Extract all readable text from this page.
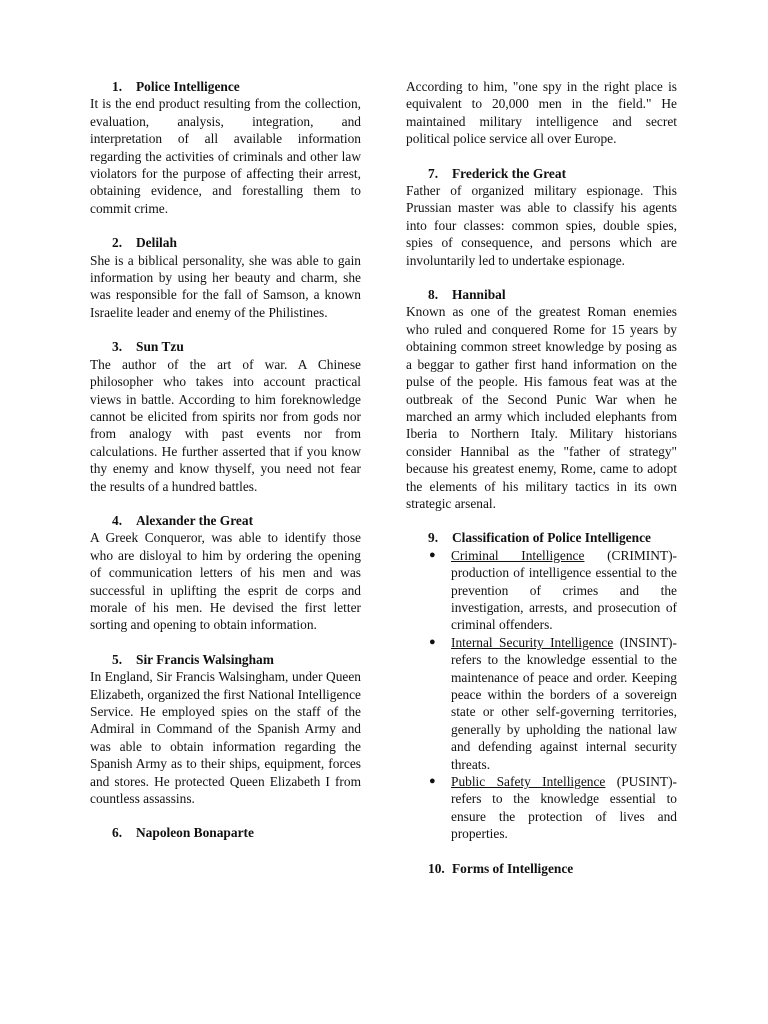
1. Police Intelligence

It is the end product resulting from the collection, evaluation, analysis, integration, and interpretation of all available information regarding the activities of criminals and other law violators for the purpose of affecting their arrest, obtaining evidence, and forestalling them to commit crime.

2. Delilah

She is a biblical personality, she was able to gain information by using her beauty and charm, she was responsible for the fall of Samson, a known Israelite leader and enemy of the Philistines.

3. Sun Tzu

The author of the art of war. A Chinese philosopher who takes into account practical views in battle. According to him foreknowledge cannot be elicited from spirits nor from gods nor from analogy with past events nor from calculations. He further asserted that if you know thy enemy and know thyself, you need not fear the results of a hundred battles.

4. Alexander the Great

A Greek Conqueror, was able to identify those who are disloyal to him by ordering the opening of communication letters of his men and was successful in uplifting the esprit de corps and morale of his men. He devised the first letter sorting and opening to obtain information.

5. Sir Francis Walsingham

In England, Sir Francis Walsingham, under Queen Elizabeth, organized the first National Intelligence Service. He employed spies on the staff of the Admiral in Command of the Spanish Army and was able to obtain information regarding the Spanish Army as to their ships, equipment, forces and stores. He protected Queen Elizabeth I from countless assassins.

6. Napoleon Bonaparte

According to him, "one spy in the right place is equivalent to 20,000 men in the field." He maintained military intelligence and secret political police service all over Europe.

7. Frederick the Great

Father of organized military espionage. This Prussian master was able to classify his agents into four classes: common spies, double spies, spies of consequence, and persons which are involuntarily led to undertake espionage.

8. Hannibal

Known as one of the greatest Roman enemies who ruled and conquered Rome for 15 years by obtaining common street knowledge by posing as a beggar to gather first hand information on the pulse of the people. His famous feat was at the outbreak of the Second Punic War when he marched an army which included elephants from Iberia to Northern Italy. Military historians consider Hannibal as the "father of strategy" because his greatest enemy, Rome, came to adopt the elements of his military tactics in its own strategic arsenal.

9. Classification of Police Intelligence
● Criminal Intelligence (CRIMINT)- production of intelligence essential to the prevention of crimes and the investigation, arrests, and prosecution of criminal offenders.
● Internal Security Intelligence (INSINT)- refers to the knowledge essential to the maintenance of peace and order. Keeping peace within the borders of a sovereign state or other self-governing territories, generally by upholding the national law and defending against internal security threats.
● Public Safety Intelligence (PUSINT)- refers to the knowledge essential to ensure the protection of lives and properties.
10. Forms of Intelligence
